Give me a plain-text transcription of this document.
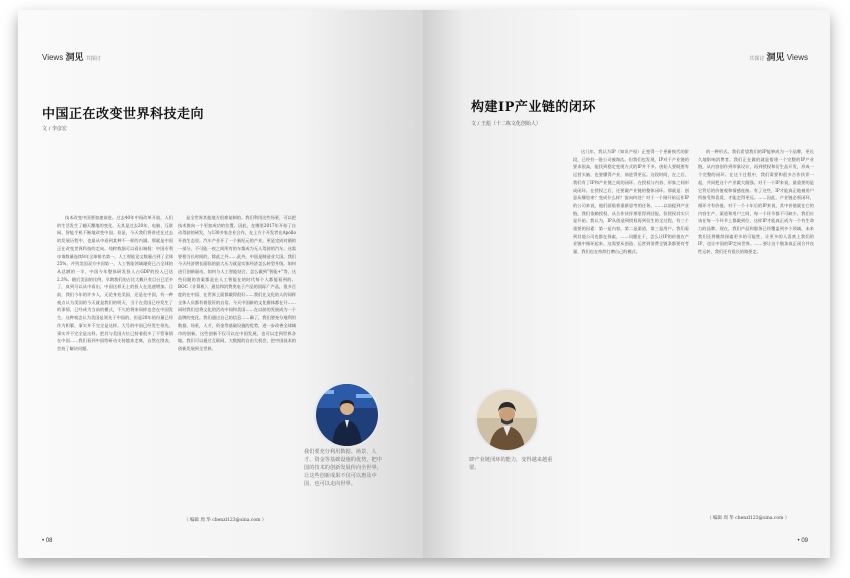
Views 洞见 共探讨
中国正在改变世界科技走向
文 / 李彦宏
技术改变中国要加速前进。过去40年中国改革开放，人们的生活发生了翻天覆地的变化，无其是过去20年，电脑、互联网、智能手机不断地改变中国。但是，今天我们将讲述在过去的发展历程中，也最从中看到某种不一样的内涵。那就是中国正在改变世界科技的走向。纯粹数据可以看出端倪：中国专利申请数量连续8年全球排名第一。人工智能论文数量占到了全球25%，并列美国双方中国第一，人工智能领域融资已占全球的从总额的一半，中国今年整体研发投入占GDP的投入已达2.3%。随后美国的比例，早期我们的占比大概只有目台已至多了，真到可以从中看出，中国这样无上的投入在迅速增加。目前，我们今年的许多人，无论身处美国，还是在中国，有一种观点认为美国的今天就是我们的明天，当于在美国已经发生了的事情，已经成为当前的模式，不久的将来同样也会在中国发生。这种观念认为美国是领先于中国的，但是20年的份量已经作为积累，事实并不完全是这样。大号的中国已经发生领先，事实并不完全是这样。把其与美国方位已持着很多了不管事情在中国……我们看到中国给研动支持越来走离，自然在图表，会持了解决问题。
是全世界其他地方很难复制的。我们利用这些场景，可以把技术推向一个更加成功的位置。因此，在哪里2017年开始了自动驾驶的研发，与130多家企业合作，在上方个开发者在Apollo开放生态里。汽车产业开了一个新纪元的产业。更是完成对循的一部分，不可能一夜之间所有的车都成为无人驾驶的汽车。这需要相当长时间的，除此之外……此外，中国是制造业大国。我们今天经济增长面临的最大压力就是实体经济怎么转型升级。如何进行创新驱动，如何与人工智能结合，怎么做到“智能+”等，这些问题的答案都是在人工智能在的时代每个人都能看到的。BOC（计算机）、通信和消费类电子产品的国际广产品，很多百度的在中国、在世界上面都做得很好……我们在文化的人的同样全体人员都有着很好的自信。今天中国新的文化群体都在开……同时我们也将文化的活动中间和美国……在以前的发展成为一个品牌的变化。我们通过自己的信息……确了，我们要充分地利用数据，场景，人才，资金等基础设施的优势，进一步改善全球城市的创新。这些创新不仅可以在中国发展，也可以走到世界各地。我们可以通过互联网，大数据的自由大机会，把中国技术的创新发展到全世界。
我们要充分利用数据、场景、人才、资金等基础设施的优势，把中国的技术的创新发展传向全世界，让这些创新成果不仅可以惠及中国，也可以走向世界。
（ 编辑 周 华 chenzl123@sina.com ）
• 08
共探讨 洞见 Views
构建IP产业链的闭环
文 / 王彪（十二栋文化创始人）
IP产业链闭环的能力，变得越来越重要。
这几年，我认为IP（知识产权）正变得一个更新换代的阶段，已经有一批公司被淘汰。但我们也发现，IP对于产业链的要求很高，能找到稳定变现方式的IP并不多。创始人要既要有运营头脑，也要懂得产业，前进得更远。这段时间，在之后，我们有了IP和产业链之间的闭环。在授权与内容、形象之间形成闭环。在授权之后，还要做产业链的整体闭环。那就是：创意从哪里来？变成什么样？流向何处？对于一个刚开始运作IP的公司来说，他们面临着重新思考的任务。……以前提到产业链，我们依赖授权，从合作伙伴那里得到回报。但授权其实只是开始。我认为，IP从创造到授权再到衍生的全过程，有三个重要的因素：第一是内容，第二是渠道，第三是用户。我们看到其他公司也都在探索，……问题在于，怎么让IP的价值在产业链中循环起来。这需要从创造、运营到消费全链条都要有考量，我们也在持续打磨自己的模式。
的一种形式。我们希望我们的IP能够成为一个品牌，更长久地影响消费者。我们正在做的就是搭建一个完整的IP产业链，从内容创作到形象设计，再到授权和衍生品开发，形成一个完整的闭环。在这个过程中，我们需要和很多合作伙伴一起，共同把这个产业做大做强。对于一个IP来说，最重要的是它背后的价值观和情感连接。有了这些，IP才能真正地被用户所接受和喜爱，才能走得更远。……因此，产业链必须闭环，循环才有价值。对于一个十年后的IP来说，其中价值就在它的内容生产、渠道和用户之间，每一个环节都不可缺少。我们应该在每一个环节上都做到位，这样IP才能真正成为一个有生命力的品牌。现在，我们产品和服务已经覆盖到多个领域，未来我们还将继续探索更多的可能性，让更多的人喜欢上我们的IP，也让中国的IP走向世界。……要让这个链条真正闭合并良性运转，我们还有很长的路要走。
（ 编辑 周 华 chenzl123@sina.com ）
• 09
